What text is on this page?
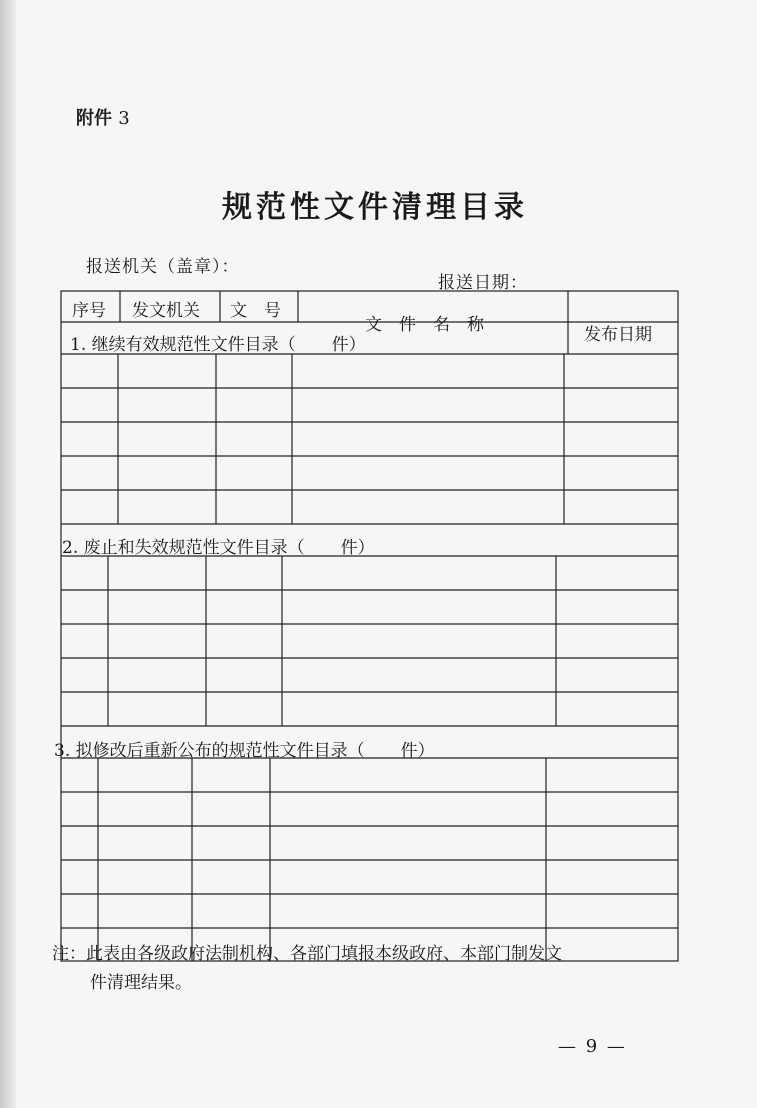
附件 3
规范性文件清理目录
报送机关（盖章）：
报送日期：
序号 发文机关 文　号
文　件　名　称	发布日期
1. 继续有效规范性文件目录（ 件）
2. 废止和失效规范性文件目录（ 件）
3. 拟修改后重新公布的规范性文件目录（ 件）
注：此表由各级政府法制机构、各部门填报本级政府、本部门制发文
件清理结果。
— 9 —
